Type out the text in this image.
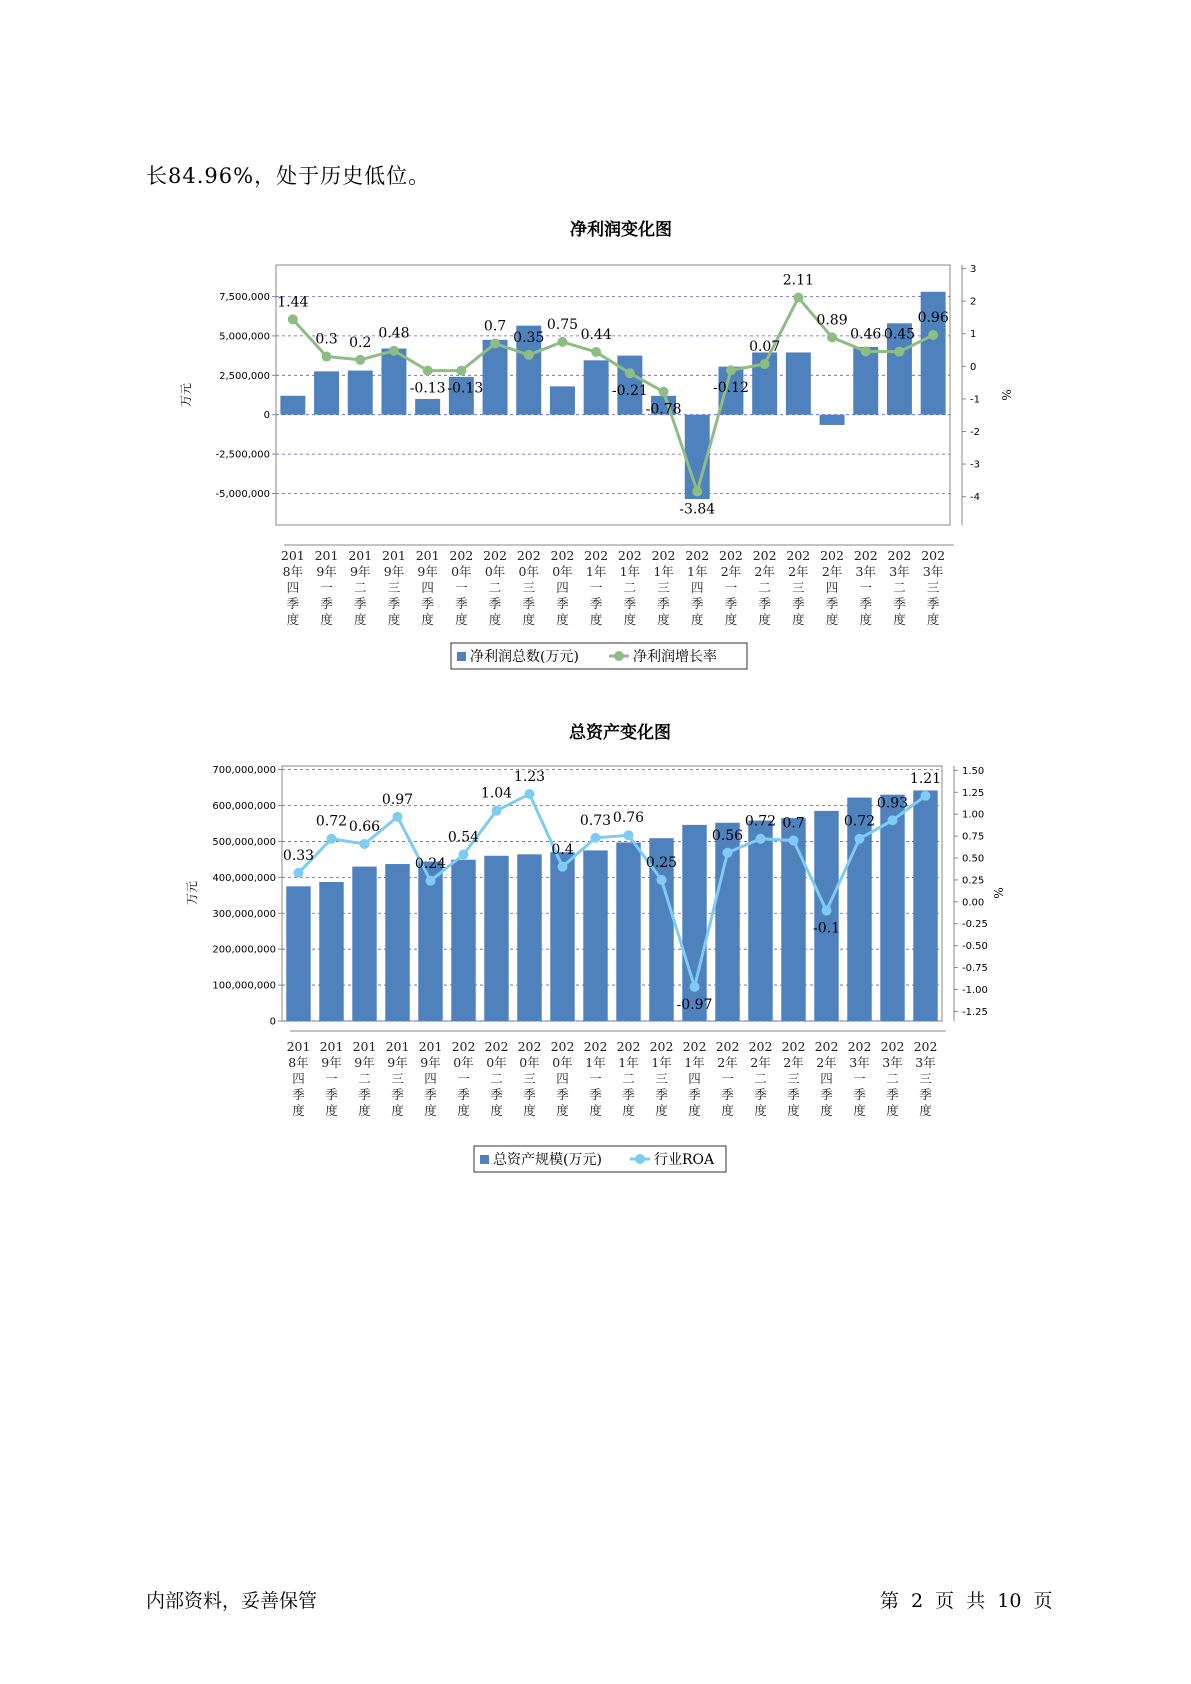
长84.96%，处于历史低位。
净利润变化图
-5,000,000
-2,500,000
0
2,500,000
5,000,000
7,500,000
-4
-3
-2
-1
0
1
2
3
万元	%
201
8年
四
季
度
201
9年
一
季
度
201
9年
二
季
度
201
9年
三
季
度
201
9年
四
季
度
202
0年
一
季
度
202
0年
二
季
度
202
0年
三
季
度
202
0年
四
季
度
202
1年
一
季
度
202
1年
二
季
度
202
1年
三
季
度
202
1年
四
季
度
202
2年
一
季
度
202
2年
二
季
度
202
2年
三
季
度
202
2年
四
季
度
202
3年
一
季
度
202
3年
二
季
度
202
3年
三
季
度
1.44
0.3 0.2
0.48
-0.13 -0.13
0.7
0.35
0.75
0.44
-0.21
-0.78
-3.84
-0.12
0.07
2.11
0.89
0.46 0.45
0.96
净利润总数(万元)	净利润增长率
总资产变化图
0
100,000,000
200,000,000
300,000,000
400,000,000
500,000,000
600,000,000
700,000,000
-1.25
-1.00
-0.75
-0.50
-0.25
0.00
0.25
0.50
0.75
1.00
1.25
1.50
万元	%
201
8年
四
季
度
201
9年
一
季
度
201
9年
二
季
度
201
9年
三
季
度
201
9年
四
季
度
202
0年
一
季
度
202
0年
二
季
度
202
0年
三
季
度
202
0年
四
季
度
202
1年
一
季
度
202
1年
二
季
度
202
1年
三
季
度
202
1年
四
季
度
202
2年
一
季
度
202
2年
二
季
度
202
2年
三
季
度
202
2年
四
季
度
202
3年
一
季
度
202
3年
二
季
度
202
3年
三
季
度
0.33
0.72 0.66
0.97
0.24
0.54
1.04
1.23
0.4
0.73 0.76
0.25
-0.97
0.56
0.72 0.7
-0.1
0.72
0.93
1.21
总资产规模(万元)	行业ROA
内部资料，妥善保管	第 2 页 共 10 页
